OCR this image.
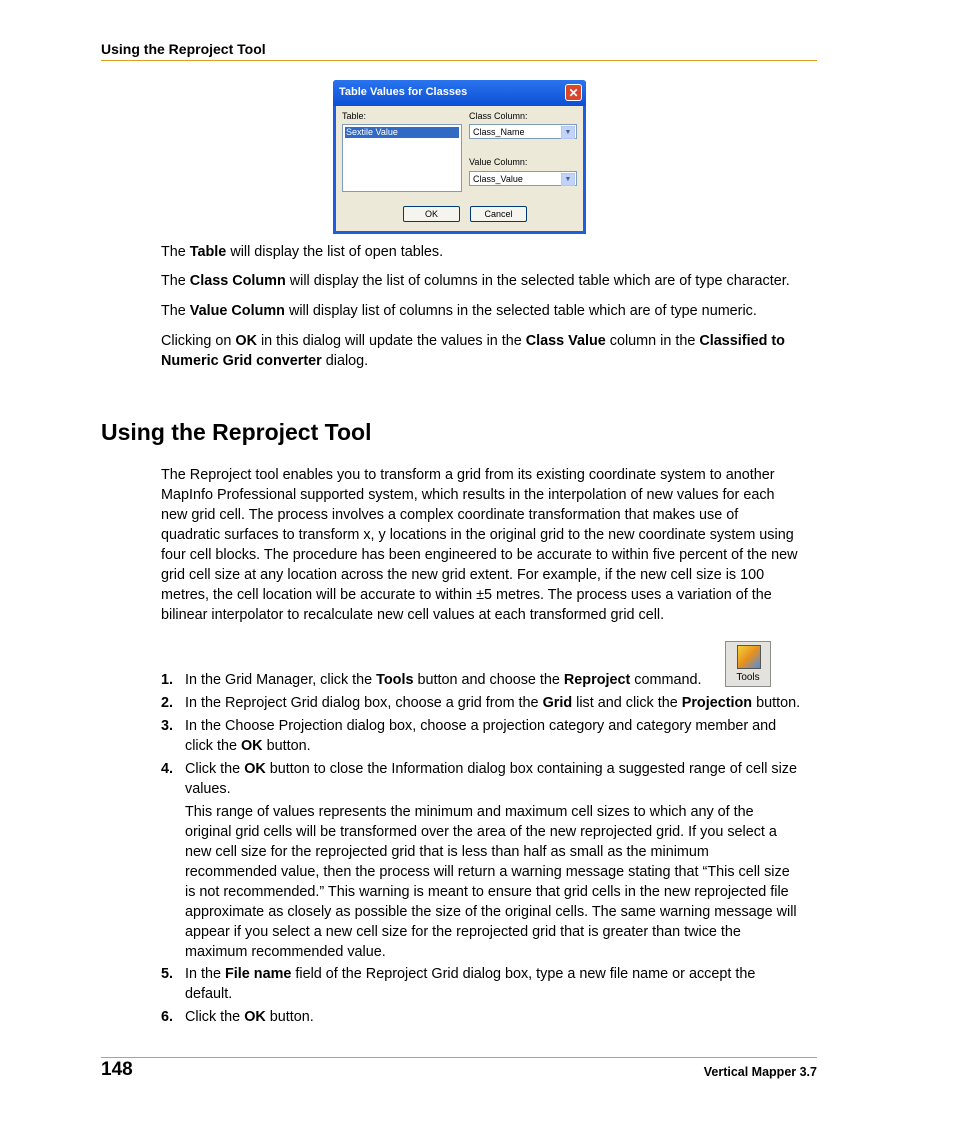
Using the Reproject Tool
Table Values for Classes	✕
Table:
Sextile Value
Class Column:
Class_Name	▼
Value Column:
Class_Value	▼
OK	Cancel
The Table will display the list of open tables.
The Class Column will display the list of columns in the selected table which are of type character.
The Value Column will display list of columns in the selected table which are of type numeric.
Clicking on OK in this dialog will update the values in the Class Value column in the Classified to
Numeric Grid converter dialog.
Using the Reproject Tool
The Reproject tool enables you to transform a grid from its existing coordinate system to another
MapInfo Professional supported system, which results in the interpolation of new values for each
new grid cell. The process involves a complex coordinate transformation that makes use of
quadratic surfaces to transform x, y locations in the original grid to the new coordinate system using
four cell blocks. The procedure has been engineered to be accurate to within five percent of the new
grid cell size at any location across the new grid extent. For example, if the new cell size is 100
metres, the cell location will be accurate to within ±5 metres. The process uses a variation of the
bilinear interpolator to recalculate new cell values at each transformed grid cell.
Tools
1. In the Grid Manager, click the Tools button and choose the Reproject command.
2. In the Reproject Grid dialog box, choose a grid from the Grid list and click the Projection button.
3. In the Choose Projection dialog box, choose a projection category and category member and
click the OK button.
4. Click the OK button to close the Information dialog box containing a suggested range of cell size
values.
This range of values represents the minimum and maximum cell sizes to which any of the
original grid cells will be transformed over the area of the new reprojected grid. If you select a
new cell size for the reprojected grid that is less than half as small as the minimum
recommended value, then the process will return a warning message stating that “This cell size
is not recommended.” This warning is meant to ensure that grid cells in the new reprojected file
approximate as closely as possible the size of the original cells. The same warning message will
appear if you select a new cell size for the reprojected grid that is greater than twice the
maximum recommended value.
5. In the File name field of the Reproject Grid dialog box, type a new file name or accept the
default.
6. Click the OK button.
148	Vertical Mapper 3.7
